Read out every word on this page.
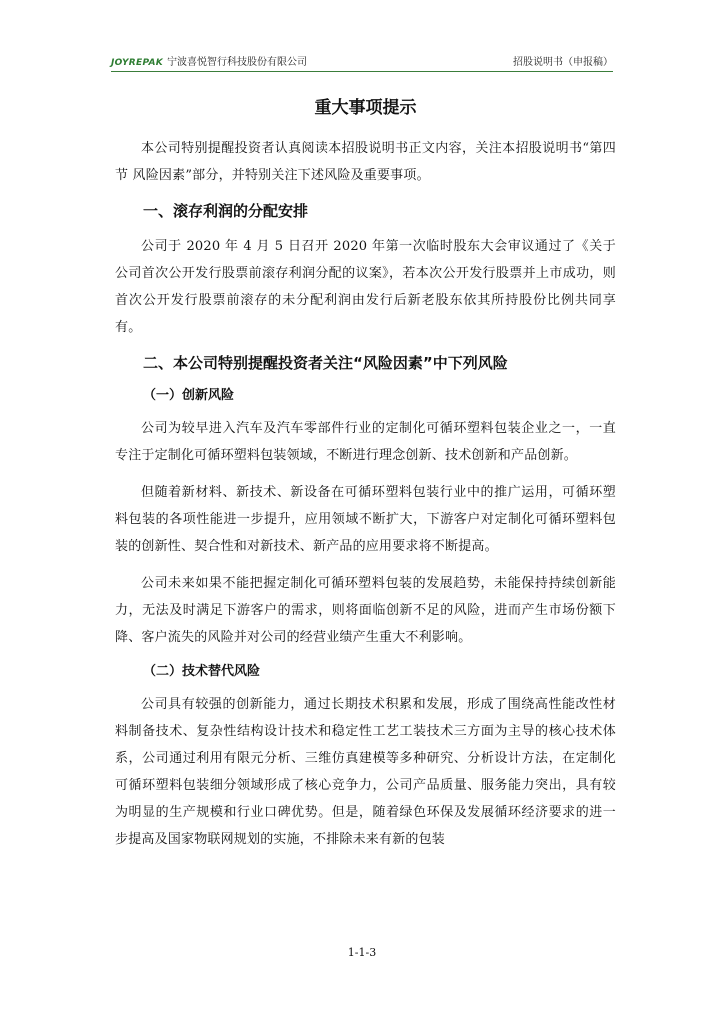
JOYREPAK 宁波喜悦智行科技股份有限公司	招股说明书（申报稿）
重大事项提示

本公司特别提醒投资者认真阅读本招股说明书正文内容，关注本招股说明书“第四节 风险因素”部分，并特别关注下述风险及重要事项。

一、滚存利润的分配安排

公司于 2020 年 4 月 5 日召开 2020 年第一次临时股东大会审议通过了《关于公司首次公开发行股票前滚存利润分配的议案》，若本次公开发行股票并上市成功，则首次公开发行股票前滚存的未分配利润由发行后新老股东依其所持股份比例共同享有。

二、本公司特别提醒投资者关注“风险因素”中下列风险
（一）创新风险

公司为较早进入汽车及汽车零部件行业的定制化可循环塑料包装企业之一，一直专注于定制化可循环塑料包装领域，不断进行理念创新、技术创新和产品创新。

但随着新材料、新技术、新设备在可循环塑料包装行业中的推广运用，可循环塑料包装的各项性能进一步提升，应用领域不断扩大，下游客户对定制化可循环塑料包装的创新性、契合性和对新技术、新产品的应用要求将不断提高。

公司未来如果不能把握定制化可循环塑料包装的发展趋势，未能保持持续创新能力，无法及时满足下游客户的需求，则将面临创新不足的风险，进而产生市场份额下降、客户流失的风险并对公司的经营业绩产生重大不利影响。

（二）技术替代风险

公司具有较强的创新能力，通过长期技术积累和发展，形成了围绕高性能改性材料制备技术、复杂性结构设计技术和稳定性工艺工装技术三方面为主导的核心技术体系，公司通过利用有限元分析、三维仿真建模等多种研究、分析设计方法，在定制化可循环塑料包装细分领域形成了核心竞争力，公司产品质量、服务能力突出，具有较为明显的生产规模和行业口碑优势。但是，随着绿色环保及发展循环经济要求的进一步提高及国家物联网规划的实施，不排除未来有新的包装

1-1-3
